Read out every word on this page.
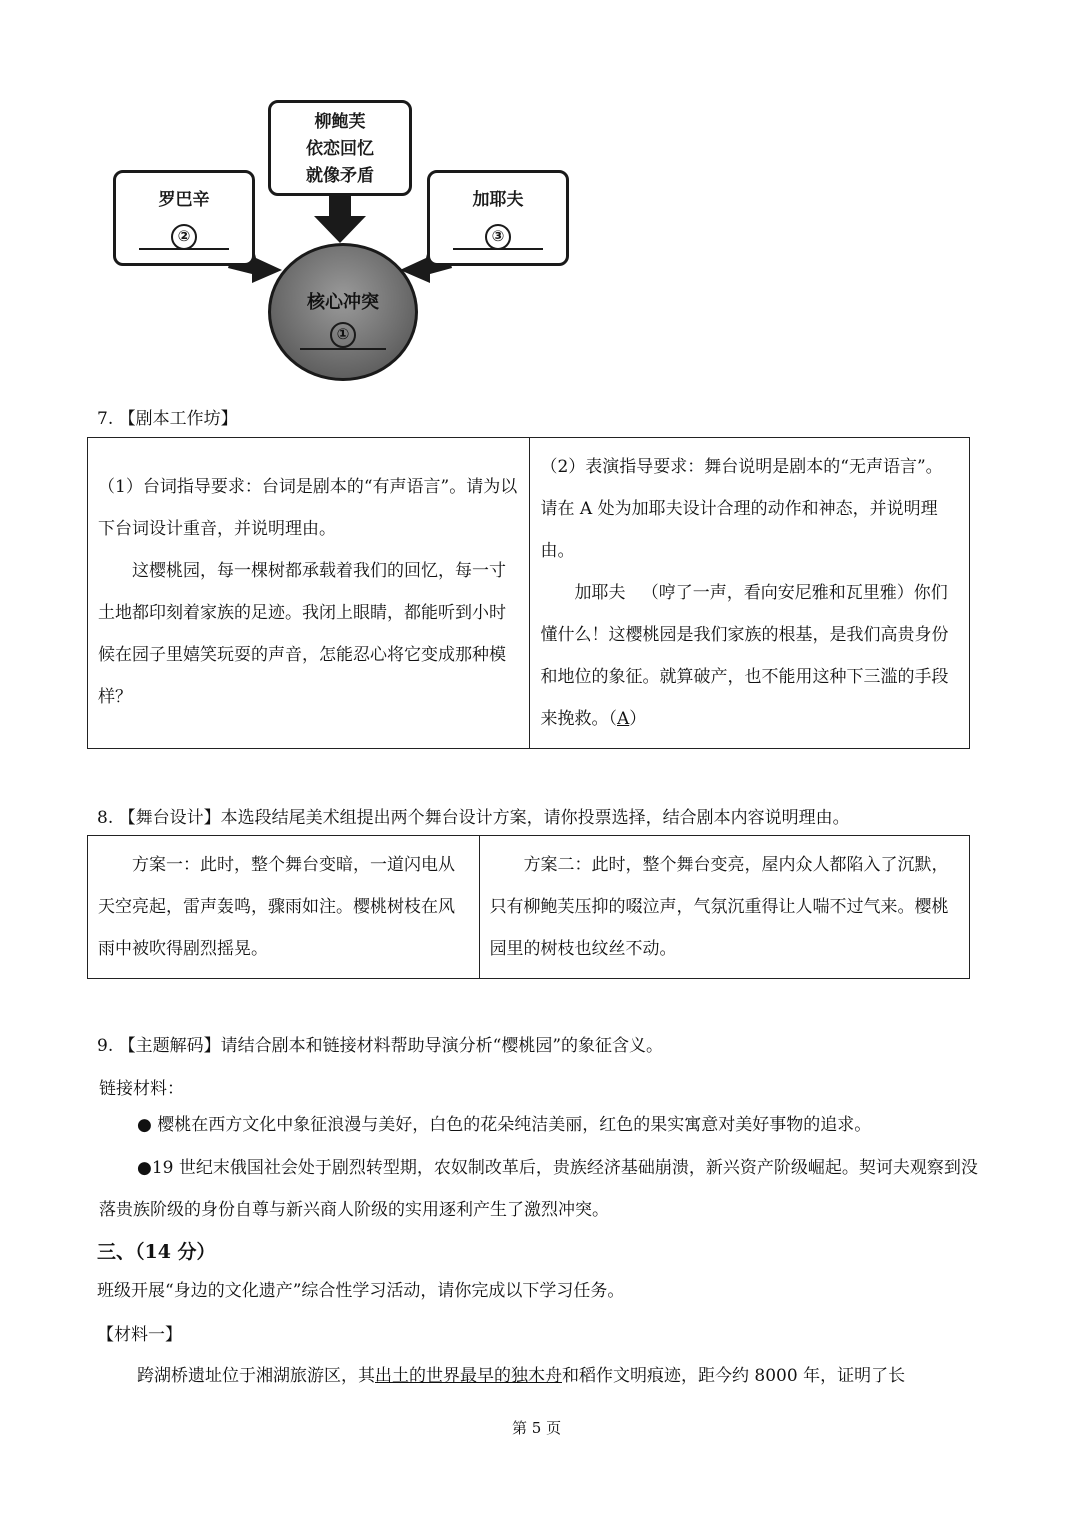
柳鲍芙
依恋回忆
就像矛盾
罗巴辛
②
加耶夫
③
核心冲突
①
7. 【剧本工作坊】
（1）台词指导要求：台词是剧本的“有声语言”。请为以下台词设计重音，并说明理由。
这樱桃园，每一棵树都承载着我们的回忆，每一寸土地都印刻着家族的足迹。我闭上眼睛，都能听到小时候在园子里嬉笑玩耍的声音，怎能忍心将它变成那种模样？

（2）表演指导要求：舞台说明是剧本的“无声语言”。请在 A 处为加耶夫设计合理的动作和神态，并说明理由。
加耶夫 （哼了一声，看向安尼雅和瓦里雅）你们懂什么！这樱桃园是我们家族的根基，是我们高贵身份和地位的象征。就算破产，也不能用这种下三滥的手段来挽救。（A）
8. 【舞台设计】本选段结尾美术组提出两个舞台设计方案，请你投票选择，结合剧本内容说明理由。
方案一：此时，整个舞台变暗，一道闪电从天空亮起，雷声轰鸣，骤雨如注。樱桃树枝在风雨中被吹得剧烈摇晃。

方案二：此时，整个舞台变亮，屋内众人都陷入了沉默，只有柳鲍芙压抑的啜泣声，气氛沉重得让人喘不过气来。樱桃园里的树枝也纹丝不动。
9. 【主题解码】请结合剧本和链接材料帮助导演分析“樱桃园”的象征含义。
链接材料：
● 樱桃在西方文化中象征浪漫与美好，白色的花朵纯洁美丽，红色的果实寓意对美好事物的追求。
●19 世纪末俄国社会处于剧烈转型期，农奴制改革后，贵族经济基础崩溃，新兴资产阶级崛起。契诃夫观察到没落贵族阶级的身份自尊与新兴商人阶级的实用逐利产生了激烈冲突。
三、（14 分）
班级开展“身边的文化遗产”综合性学习活动，请你完成以下学习任务。
【材料一】
跨湖桥遗址位于湘湖旅游区，其出土的世界最早的独木舟和稻作文明痕迹，距今约 8000 年，证明了长
第 5 页
